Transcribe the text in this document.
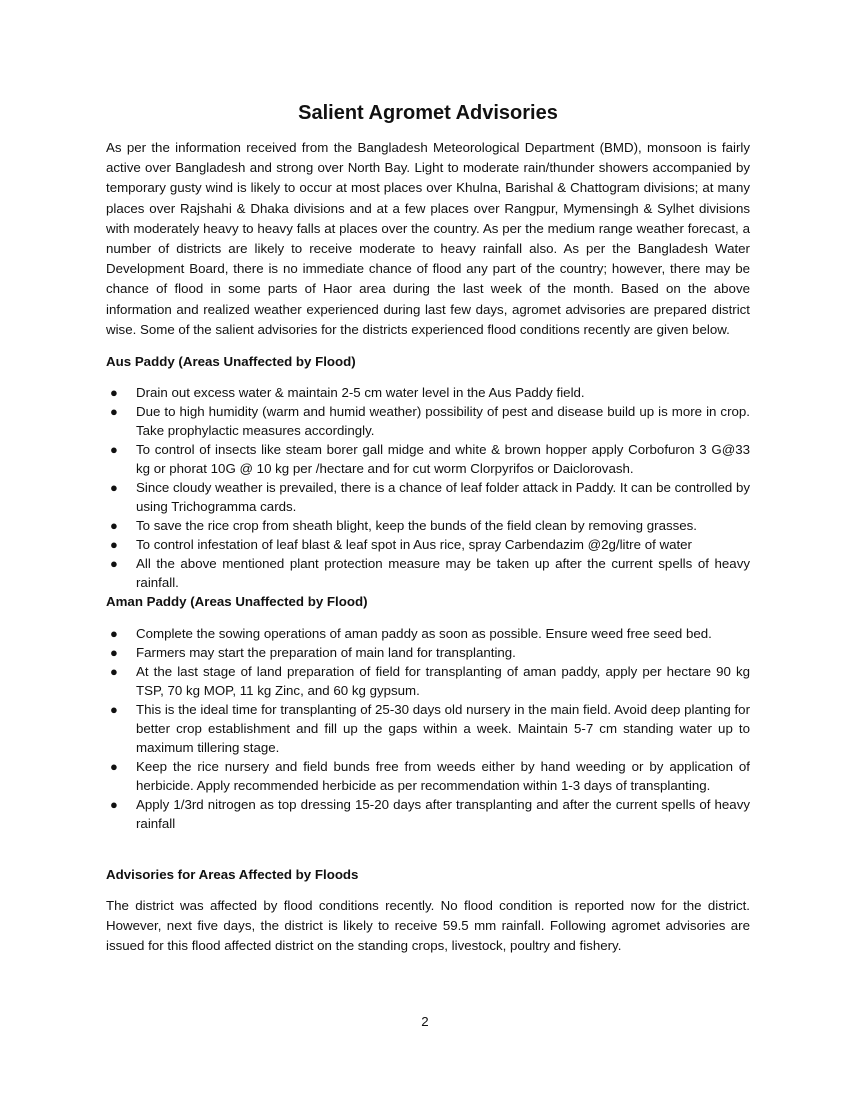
Salient Agromet Advisories

As per the information received from the Bangladesh Meteorological Department (BMD), monsoon is fairly active over Bangladesh and strong over North Bay. Light to moderate rain/thunder showers accompanied by temporary gusty wind is likely to occur at most places over Khulna, Barishal & Chattogram divisions; at many places over Rajshahi & Dhaka divisions and at a few places over Rangpur, Mymensingh & Sylhet divisions with moderately heavy to heavy falls at places over the country. As per the medium range weather forecast, a number of districts are likely to receive moderate to heavy rainfall also. As per the Bangladesh Water Development Board, there is no immediate chance of flood any part of the country; however, there may be chance of flood in some parts of Haor area during the last week of the month. Based on the above information and realized weather experienced during last few days, agromet advisories are prepared district wise. Some of the salient advisories for the districts experienced flood conditions recently are given below.

Aus Paddy (Areas Unaffected by Flood)

● Drain out excess water & maintain 2-5 cm water level in the Aus Paddy field.
● Due to high humidity (warm and humid weather) possibility of pest and disease build up is more in crop. Take prophylactic measures accordingly.
● To control of insects like steam borer gall midge and white & brown hopper apply Corbofuron 3 G@33 kg or phorat 10G @ 10 kg per /hectare and for cut worm Clorpyrifos or Daiclorovash.
● Since cloudy weather is prevailed, there is a chance of leaf folder attack in Paddy. It can be controlled by using Trichogramma cards.
● To save the rice crop from sheath blight, keep the bunds of the field clean by removing grasses.
● To control infestation of leaf blast & leaf spot in Aus rice, spray Carbendazim @2g/litre of water
● All the above mentioned plant protection measure may be taken up after the current spells of heavy rainfall.

Aman Paddy (Areas Unaffected by Flood)

● Complete the sowing operations of aman paddy as soon as possible. Ensure weed free seed bed.
● Farmers may start the preparation of main land for transplanting.
● At the last stage of land preparation of field for transplanting of aman paddy, apply per hectare 90 kg TSP, 70 kg MOP, 11 kg Zinc, and 60 kg gypsum.
● This is the ideal time for transplanting of 25-30 days old nursery in the main field. Avoid deep planting for better crop establishment and fill up the gaps within a week. Maintain 5-7 cm standing water up to maximum tillering stage.
● Keep the rice nursery and field bunds free from weeds either by hand weeding or by application of herbicide. Apply recommended herbicide as per recommendation within 1-3 days of transplanting.
● Apply 1/3rd nitrogen as top dressing 15-20 days after transplanting and after the current spells of heavy rainfall

Advisories for Areas Affected by Floods

The district was affected by flood conditions recently. No flood condition is reported now for the district. However, next five days, the district is likely to receive 59.5 mm rainfall. Following agromet advisories are issued for this flood affected district on the standing crops, livestock, poultry and fishery.

2
